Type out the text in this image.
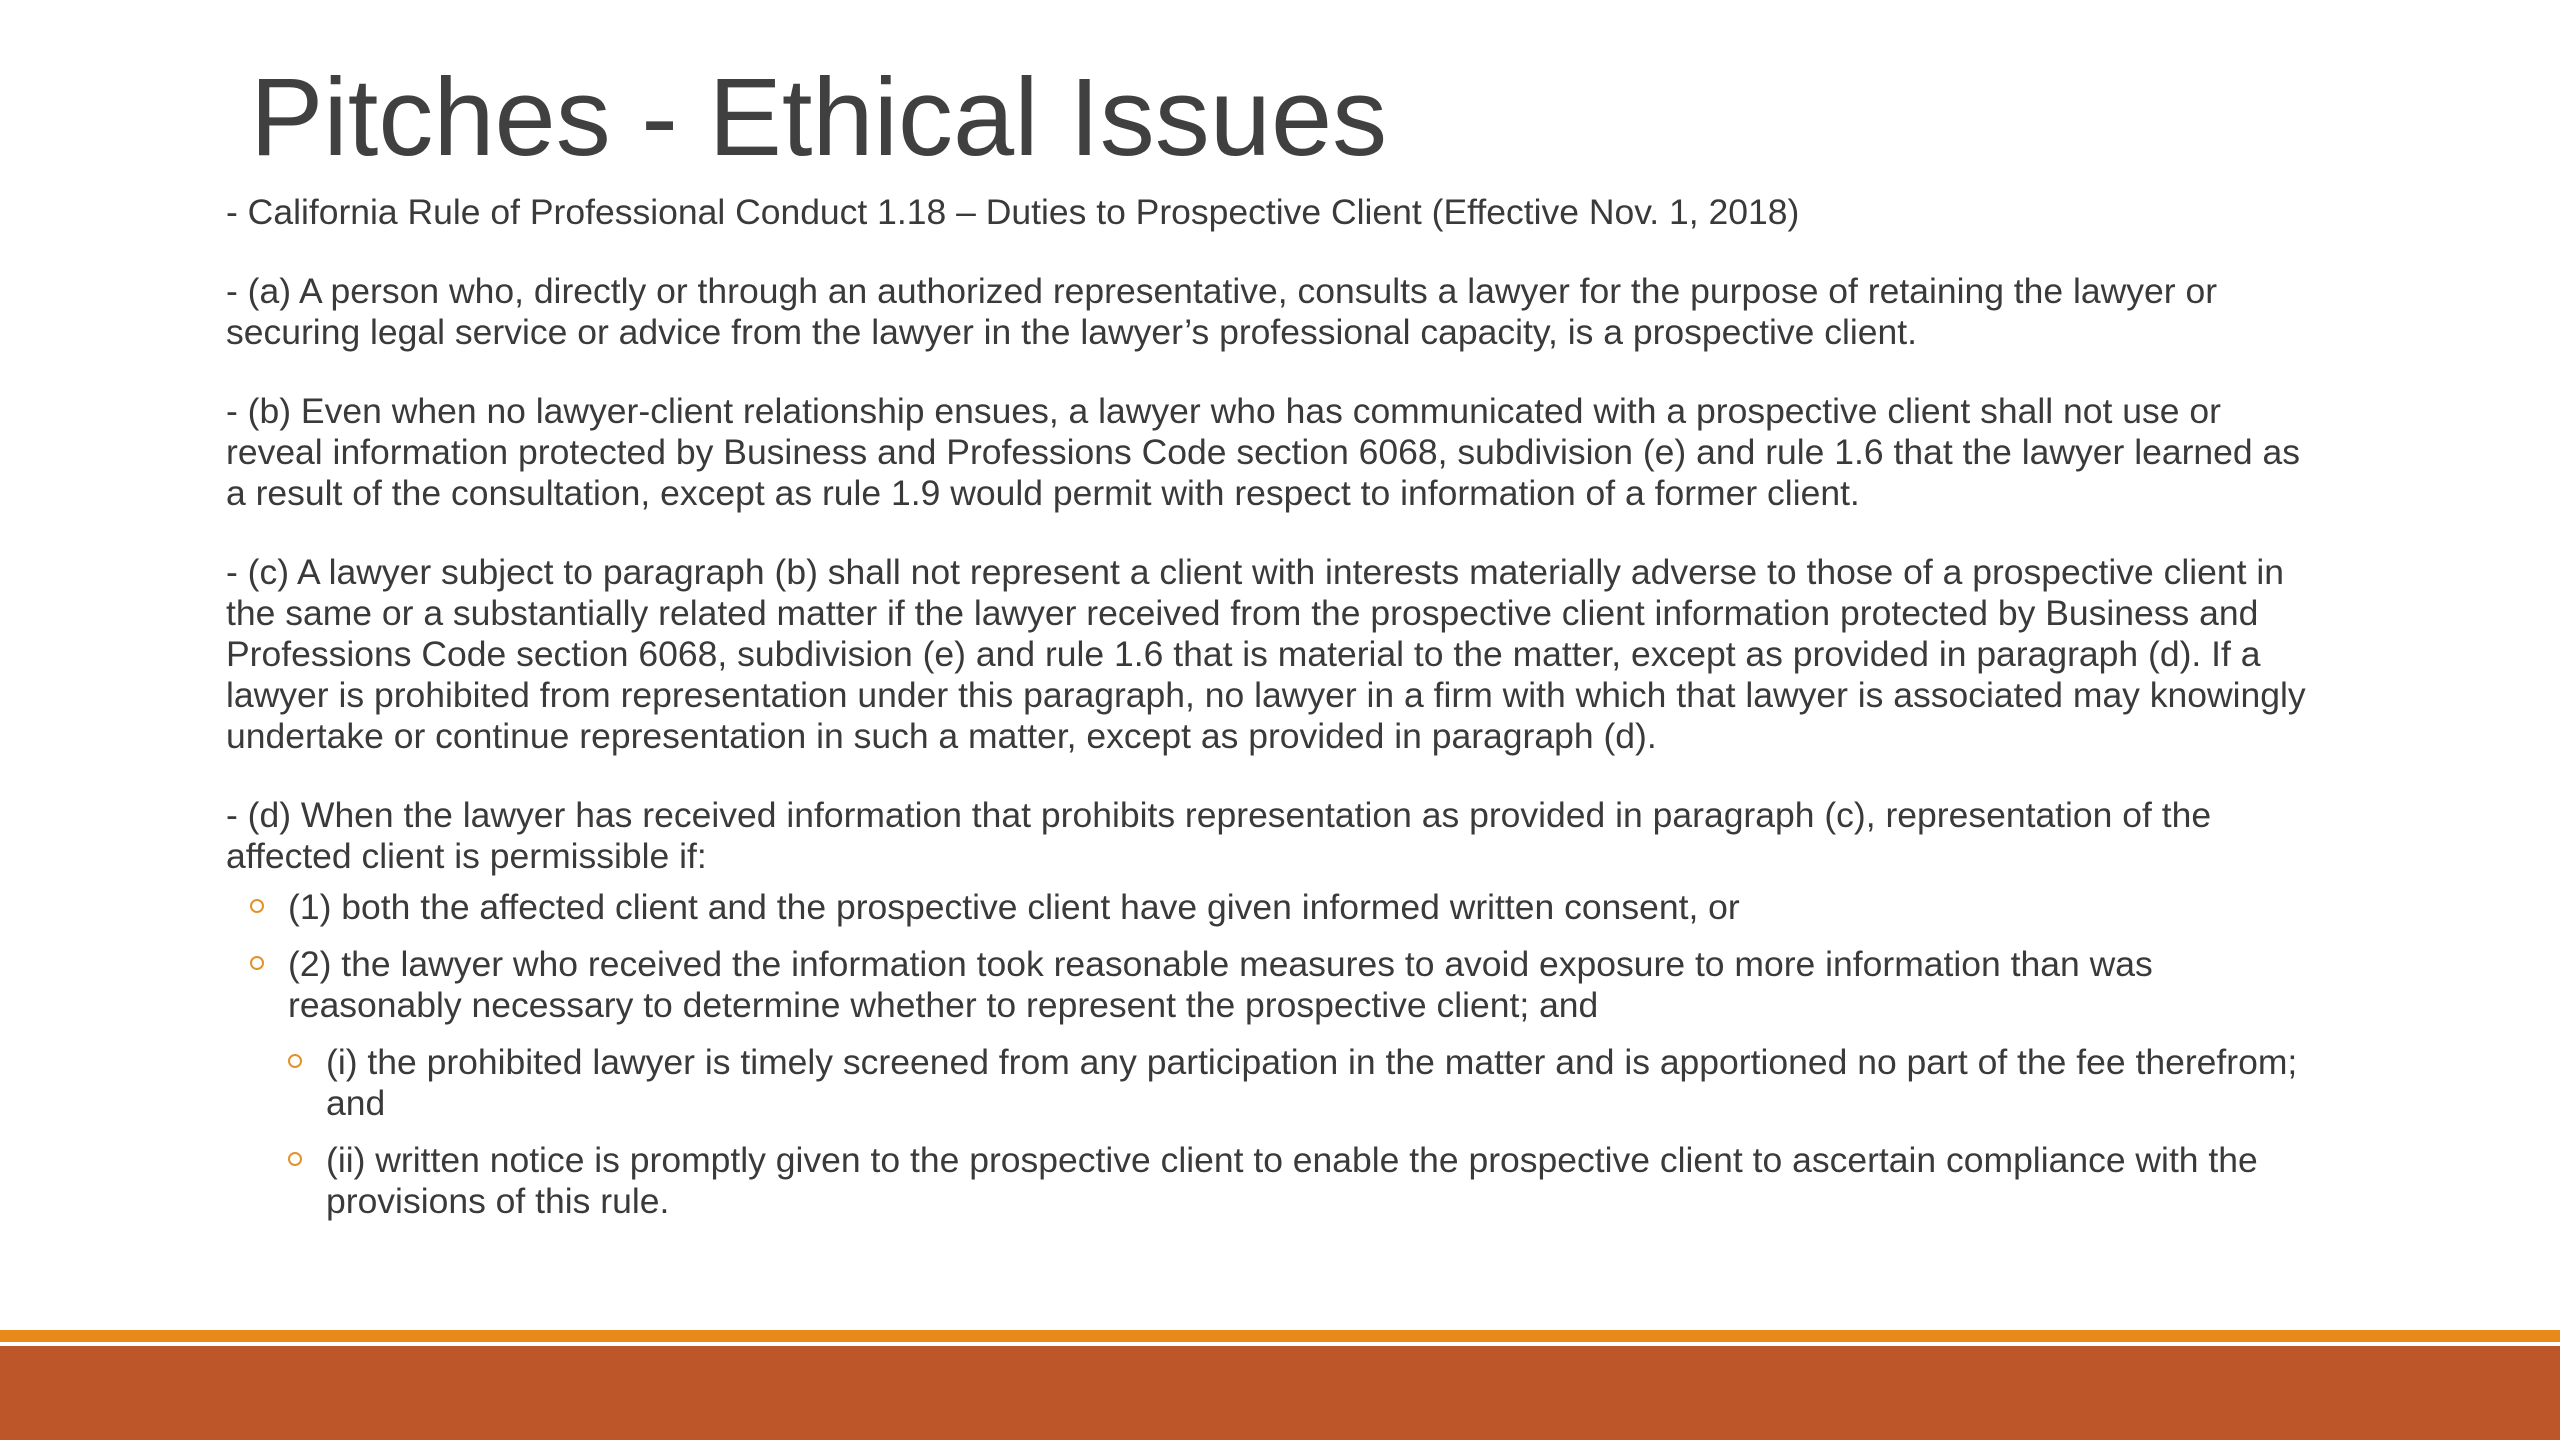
Pitches - Ethical Issues

- California Rule of Professional Conduct 1.18 – Duties to Prospective Client (Effective Nov. 1, 2018)

- (a) A person who, directly or through an authorized representative, consults a lawyer for the purpose of retaining the lawyer or securing legal service or advice from the lawyer in the lawyer’s professional capacity, is a prospective client.

- (b) Even when no lawyer-client relationship ensues, a lawyer who has communicated with a prospective client shall not use or reveal information protected by Business and Professions Code section 6068, subdivision (e) and rule 1.6 that the lawyer learned as a result of the consultation, except as rule 1.9 would permit with respect to information of a former client.

- (c) A lawyer subject to paragraph (b) shall not represent a client with interests materially adverse to those of a prospective client in the same or a substantially related matter if the lawyer received from the prospective client information protected by Business and Professions Code section 6068, subdivision (e) and rule 1.6 that is material to the matter, except as provided in paragraph (d). If a lawyer is prohibited from representation under this paragraph, no lawyer in a firm with which that lawyer is associated may knowingly undertake or continue representation in such a matter, except as provided in paragraph (d).

- (d) When the lawyer has received information that prohibits representation as provided in paragraph (c), representation of the affected client is permissible if:

(1) both the affected client and the prospective client have given informed written consent, or
(2) the lawyer who received the information took reasonable measures to avoid exposure to more information than was reasonably necessary to determine whether to represent the prospective client; and
(i) the prohibited lawyer is timely screened from any participation in the matter and is apportioned no part of the fee therefrom; and
(ii) written notice is promptly given to the prospective client to enable the prospective client to ascertain compliance with the provisions of this rule.
